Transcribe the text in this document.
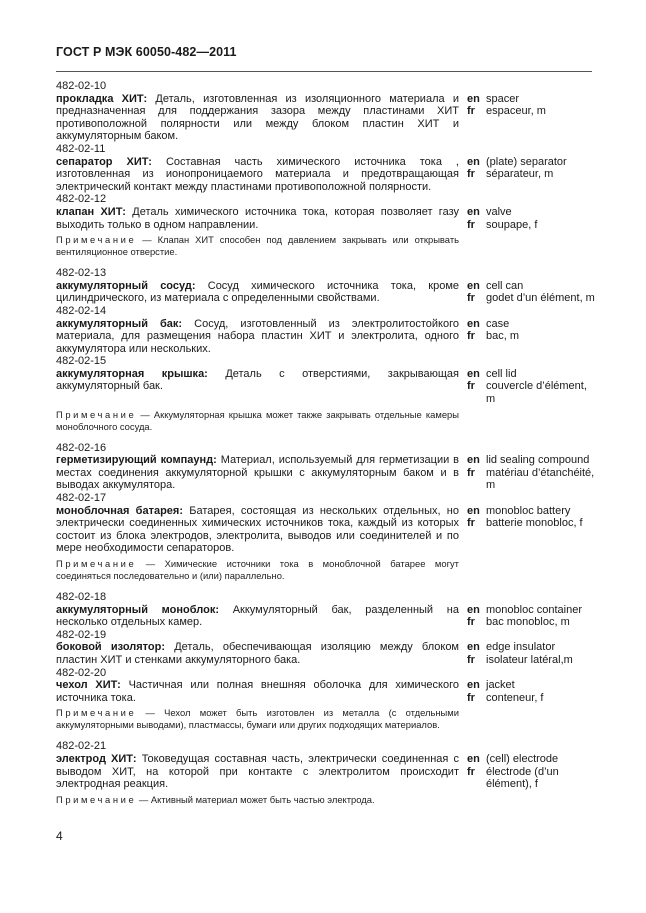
ГОСТ Р МЭК 60050-482—2011
482-02-10
прокладка ХИТ: Деталь, изготовленная из изоляционного материала и предназначенная для поддержания зазора между пластинами ХИТ противоположной полярности или между блоком пластин ХИТ и аккумуляторным баком.
en spacer
fr	espaceur, m
482-02-11
сепаратор ХИТ: Составная часть химического источника тока , изготовленная из ионопроницаемого материала и предотвращающая электрический контакт между пластинами противоположной полярности.
en (plate) separator
fr	séparateur, m
482-02-12
клапан ХИТ: Деталь химического источника тока, которая позволяет газу выходить только в одном направлении.
en valve
fr	soupape, f
Примечание — Клапан ХИТ способен под давлением закрывать или открывать вентиляционное отверстие.
482-02-13
аккумуляторный сосуд: Сосуд химического источника тока, кроме цилиндрического, из материала с определенными свойствами.
en cell can
fr	godet d’un élément, m
482-02-14
аккумуляторный бак: Сосуд, изготовленный из электролитостойкого материала, для размещения набора пластин ХИТ и электролита, одного аккумулятора или нескольких.
en case
fr	bac, m
482-02-15
аккумуляторная крышка: Деталь с отверстиями, закрывающая аккумуляторный бак.
en cell lid
fr	couvercle d’élément, m
Примечание — Аккумуляторная крышка может также закрывать отдельные камеры моноблочного сосуда.
482-02-16
герметизирующий компаунд: Материал, используемый для герметизации в местах соединения аккумуляторной крышки с аккумуляторным баком и в выводах аккумулятора.
en lid sealing compound
fr	matériau d’étanchéité, m
482-02-17
моноблочная батарея: Батарея, состоящая из нескольких отдельных, но электрически соединенных химических источников тока, каждый из которых состоит из блока электродов, электролита, выводов или соединителей и по мере необходимости сепараторов.
en monobloc battery
fr	batterie monobloc, f
Примечание — Химические источники тока в моноблочной батарее могут соединяться последовательно и (или) параллельно.
482-02-18
аккумуляторный моноблок: Аккумуляторный бак, разделенный на несколько отдельных камер.
en monobloc container
fr	bac monobloc, m
482-02-19
боковой изолятор: Деталь, обеспечивающая изоляцию между блоком пластин ХИТ и стенками аккумуляторного бака.
en edge insulator
fr	isolateur latéral,m
482-02-20
чехол ХИТ: Частичная или полная внешняя оболочка для химического источника тока.
en jacket
fr	conteneur, f
Примечание — Чехол может быть изготовлен из металла (с отдельными аккумуляторными выводами), пластмассы, бумаги или других подходящих материалов.
482-02-21
электрод ХИТ: Токоведущая составная часть, электрически соединенная с выводом ХИТ, на которой при контакте с электролитом происходит электродная реакция.
en (cell) electrode
fr	électrode (d’un élément), f
Примечание — Активный материал может быть частью электрода.
4
